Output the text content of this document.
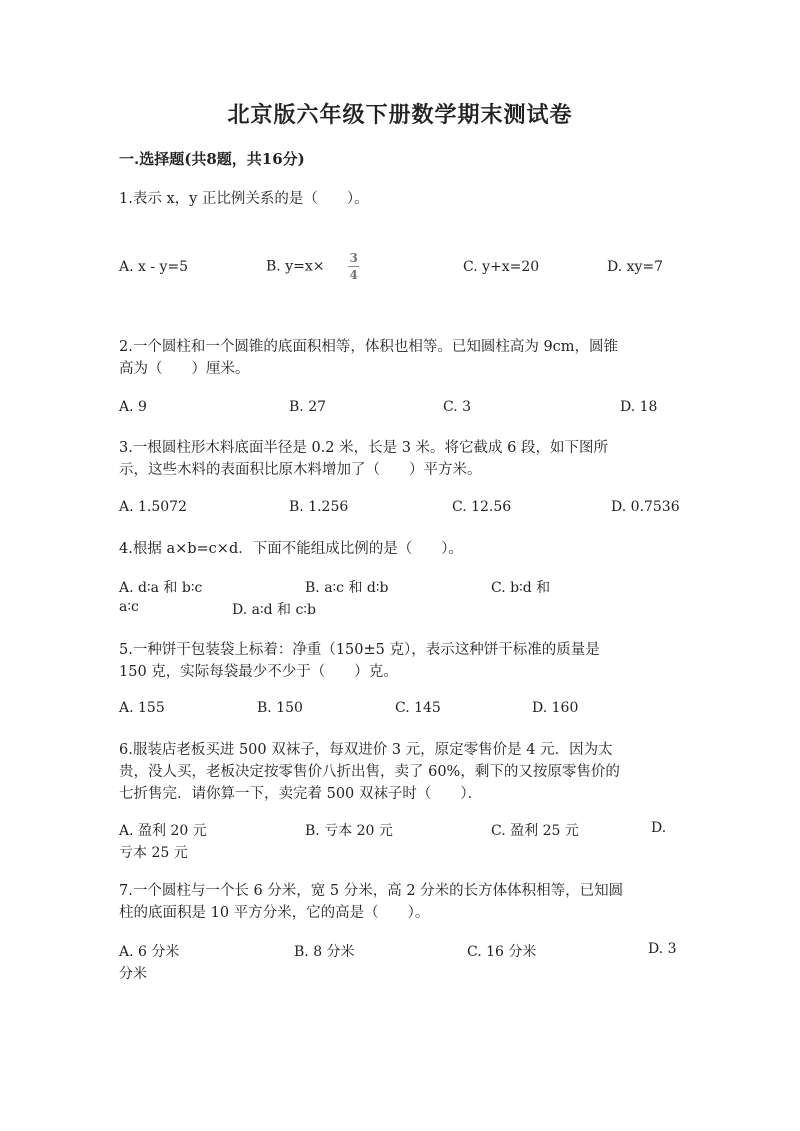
北京版六年级下册数学期末测试卷
一.选择题(共8题，共16分)
1.表示 x，y 正比例关系的是（　　）。
A. x - y=5	B. $y=x\times \frac{3}{4}$	C. y+x=20	D. xy=7
2.一个圆柱和一个圆锥的底面积相等，体积也相等。已知圆柱高为 9cm，圆锥
高为（　　）厘米。
A. 9	B. 27	C. 3	D. 18
3.一根圆柱形木料底面半径是 0.2 米，长是 3 米。将它截成 6 段，如下图所
示，这些木料的表面积比原木料增加了（　　）平方米。
A. 1.5072	B. 1.256	C. 12.56	D. 0.7536
4.根据 a×b=c×d．下面不能组成比例的是（　　）。
A. d∶a 和 b∶c	B. a∶c 和 d∶b	C. b∶d 和
a∶c	D. a∶d 和 c∶b
5.一种饼干包装袋上标着：净重（150±5 克），表示这种饼干标准的质量是
150 克，实际每袋最少不少于（　　）克。
A. 155	B. 150	C. 145	D. 160
6.服装店老板买进 500 双袜子，每双进价 3 元，原定零售价是 4 元．因为太
贵，没人买，老板决定按零售价八折出售，卖了 60%，剩下的又按原零售价的
七折售完．请你算一下，卖完着 500 双袜子时（　　）．
A. 盈利 20 元	B. 亏本 20 元	C. 盈利 25 元	D.
亏本 25 元
7.一个圆柱与一个长 6 分米，宽 5 分米，高 2 分米的长方体体积相等，已知圆
柱的底面积是 10 平方分米，它的高是（　　）。
A. 6 分米	B. 8 分米	C. 16 分米	D. 3
分米
